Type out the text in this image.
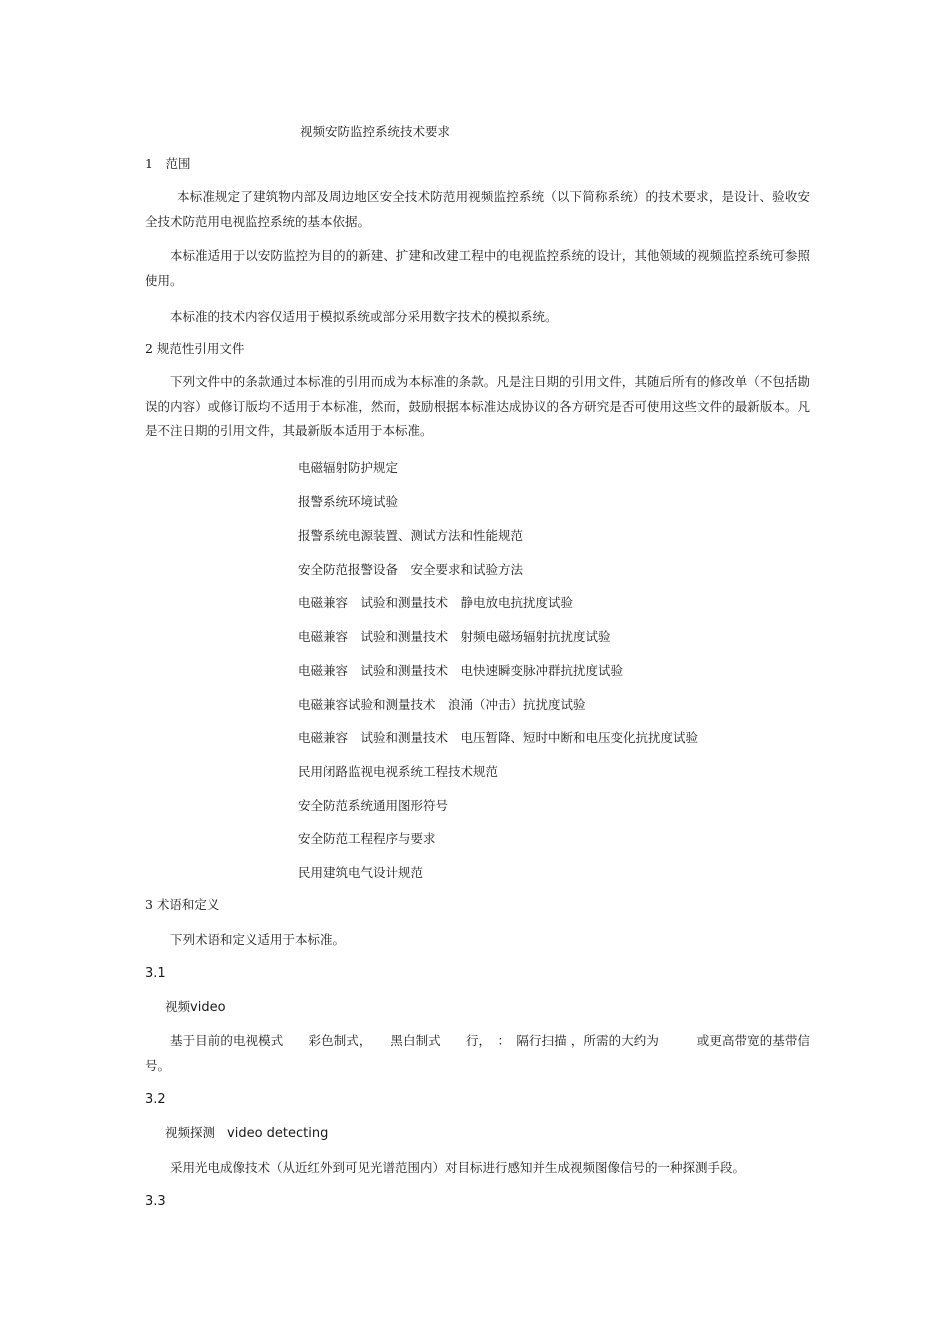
视频安防监控系统技术要求
1　范围
本标准规定了建筑物内部及周边地区安全技术防范用视频监控系统（以下简称系统）的技术要求，是设计、验收安全技术防范用电视监控系统的基本依据。
本标准适用于以安防监控为目的的新建、扩建和改建工程中的电视监控系统的设计，其他领域的视频监控系统可参照使用。
本标准的技术内容仅适用于模拟系统或部分采用数字技术的模拟系统。
2 规范性引用文件
下列文件中的条款通过本标准的引用而成为本标准的条款。凡是注日期的引用文件，其随后所有的修改单（不包括勘误的内容）或修订版均不适用于本标准，然而，鼓励根据本标准达成协议的各方研究是否可使用这些文件的最新版本。凡是不注日期的引用文件，其最新版本适用于本标准。
电磁辐射防护规定
报警系统环境试验
报警系统电源装置、测试方法和性能规范
安全防范报警设备　安全要求和试验方法
电磁兼容　试验和测量技术　静电放电抗扰度试验
电磁兼容　试验和测量技术　射频电磁场辐射抗扰度试验
电磁兼容　试验和测量技术　电快速瞬变脉冲群抗扰度试验
电磁兼容试验和测量技术　浪涌（冲击）抗扰度试验
电磁兼容　试验和测量技术　电压暂降、短时中断和电压变化抗扰度试验
民用闭路监视电视系统工程技术规范
安全防范系统通用图形符号
安全防范工程程序与要求
民用建筑电气设计规范
3 术语和定义
下列术语和定义适用于本标准。
3.1
视频video
基于目前的电视模式　　彩色制式，　　黑白制式　　行，　：　隔行扫描 ，所需的大约为　　　或更高带宽的基带信号。
3.2
视频探测 video detecting
采用光电成像技术（从近红外到可见光谱范围内）对目标进行感知并生成视频图像信号的一种探测手段。
3.3
